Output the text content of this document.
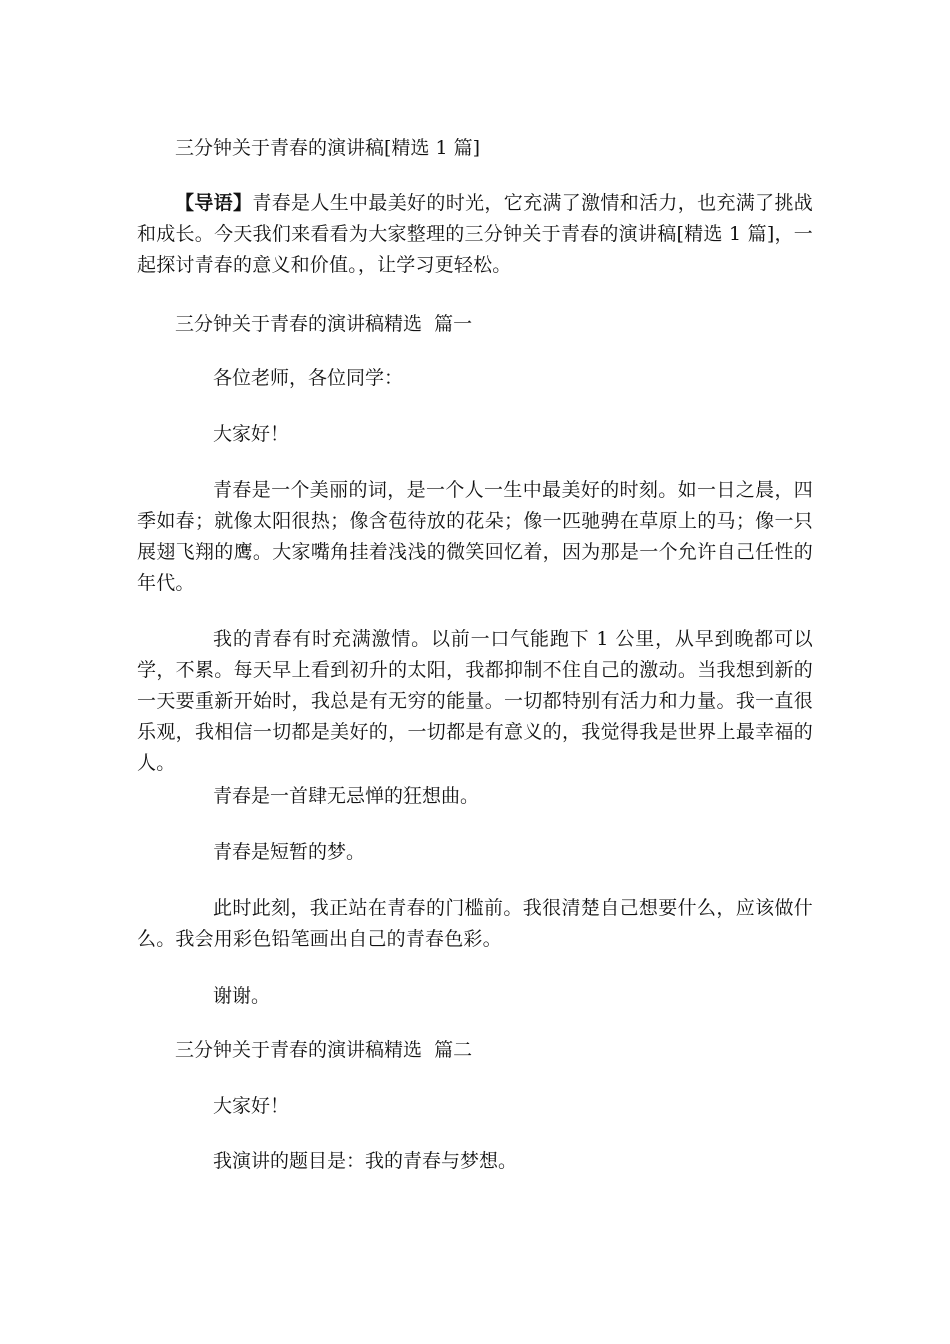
三分钟关于青春的演讲稿[精选 1 篇]

【导语】青春是人生中最美好的时光，它充满了激情和活力，也充满了挑战和成长。今天我们来看看为大家整理的三分钟关于青春的演讲稿[精选 1 篇]，一起探讨青春的意义和价值。，让学习更轻松。

三分钟关于青春的演讲稿精选  篇一

各位老师，各位同学：

大家好！

青春是一个美丽的词，是一个人一生中最美好的时刻。如一日之晨，四季如春；就像太阳很热；像含苞待放的花朵；像一匹驰骋在草原上的马；像一只展翅飞翔的鹰。大家嘴角挂着浅浅的微笑回忆着，因为那是一个允许自己任性的年代。

我的青春有时充满激情。以前一口气能跑下 1 公里，从早到晚都可以学，不累。每天早上看到初升的太阳，我都抑制不住自己的激动。当我想到新的一天要重新开始时，我总是有无穷的能量。一切都特别有活力和力量。我一直很乐观，我相信一切都是美好的，一切都是有意义的，我觉得我是世界上最幸福的人。

青春是一首肆无忌惮的狂想曲。

青春是短暂的梦。

此时此刻，我正站在青春的门槛前。我很清楚自己想要什么，应该做什么。我会用彩色铅笔画出自己的青春色彩。

谢谢。

三分钟关于青春的演讲稿精选  篇二

大家好！

我演讲的题目是：我的青春与梦想。
